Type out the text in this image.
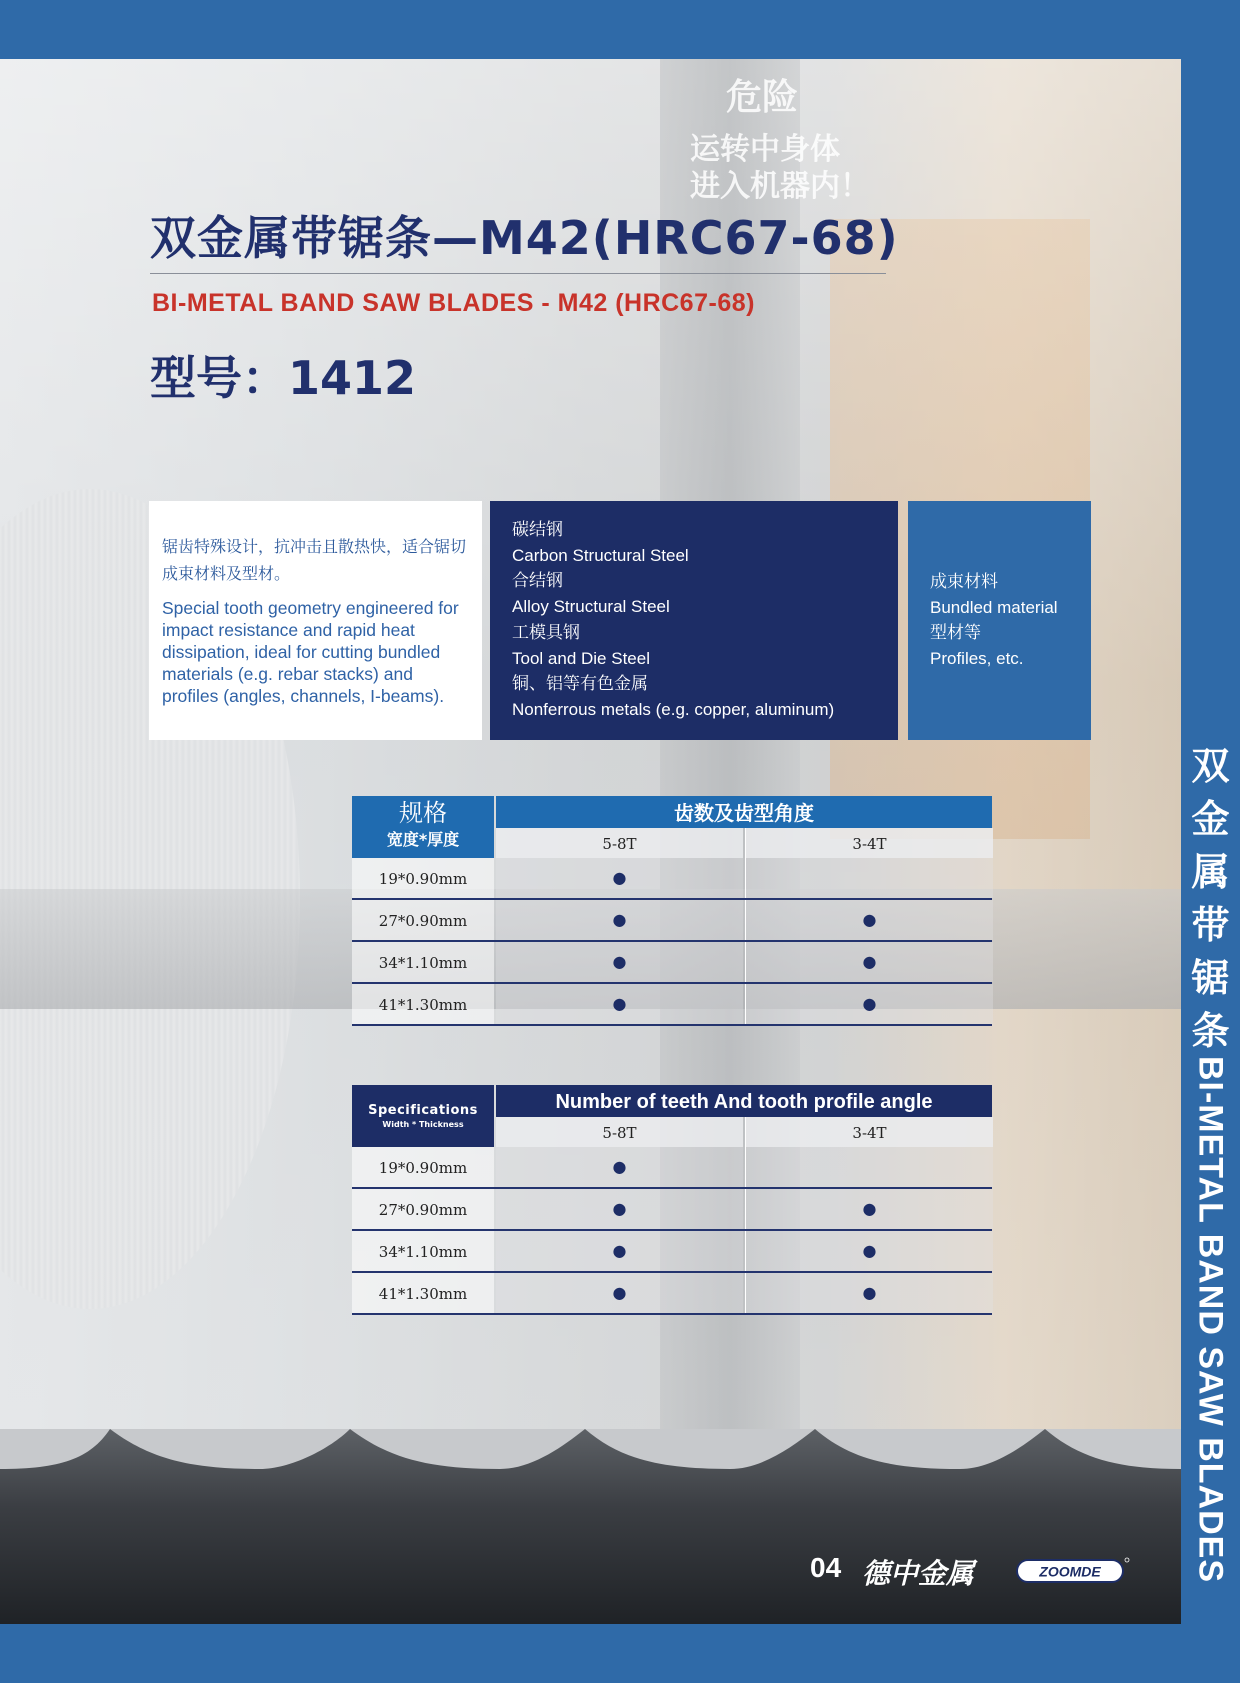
危险
运转中身体
进入机器内！
双金属带锯条—M42(HRC67-68)
BI-METAL BAND SAW BLADES - M42 (HRC67-68)
型号：1412

锯齿特殊设计，抗冲击且散热快，适合锯切成束材料及型材。

Special tooth geometry engineered for impact resistance and rapid heat dissipation, ideal for cutting bundled materials (e.g. rebar stacks) and profiles (angles, channels, I-beams).

碳结钢
Carbon Structural Steel
合结钢
Alloy Structural Steel
工模具钢
Tool and Die Steel
铜、铝等有色金属
Nonferrous metals (e.g. copper, aluminum)
成束材料
Bundled material
型材等
Profiles, etc.
规格
宽度*厚度
齿数及齿型角度
5-8T	3-4T
19*0.90mm	●
27*0.90mm	●	●
34*1.10mm	●	●
41*1.30mm	●	●
Specifications
Width * Thickness
Number of teeth And tooth profile angle
5-8T	3-4T
19*0.90mm	●
27*0.90mm	●	●
34*1.10mm	●	●
41*1.30mm	●	●
04 德中金属	ZOOMDE
双
金
属
带
锯
条
BI-METAL BAND SAW BLADES
